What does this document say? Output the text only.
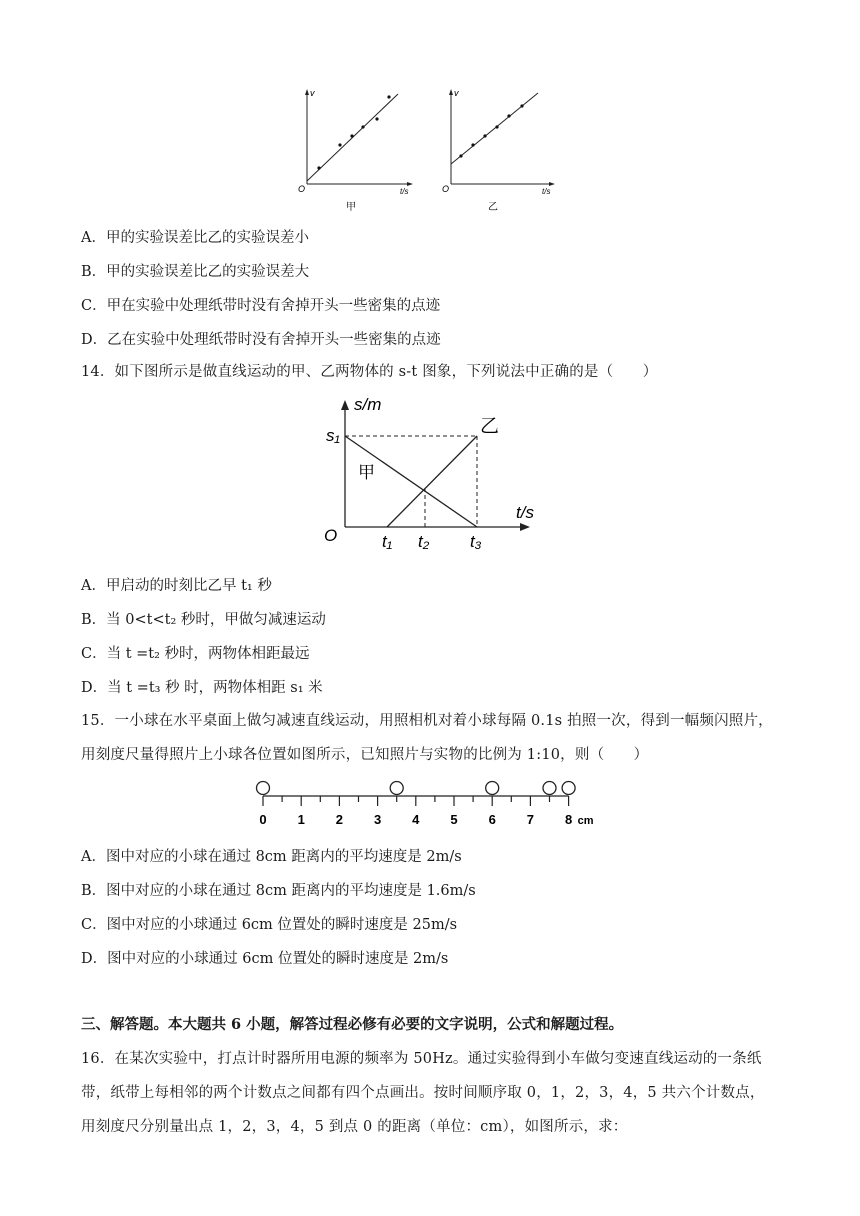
v
O	t/s
甲
v
O	t/s
乙
A．甲的实验误差比乙的实验误差小
B．甲的实验误差比乙的实验误差大
C．甲在实验中处理纸带时没有舍掉开头一些密集的点迹
D．乙在实验中处理纸带时没有舍掉开头一些密集的点迹
14．如下图所示是做直线运动的甲、乙两物体的 s-t 图象，下列说法中正确的是（　　）
s/m
t/s
O
s₁
t₁ t₂ t₃
甲
乙
A．甲启动的时刻比乙早 t₁ 秒
B．当 0<t<t₂ 秒时，甲做匀减速运动
C．当 t =t₂ 秒时，两物体相距最远
D．当 t =t₃ 秒 时，两物体相距 s₁ 米
15．一小球在水平桌面上做匀减速直线运动，用照相机对着小球每隔 0.1s 拍照一次，得到一幅频闪照片，
用刻度尺量得照片上小球各位置如图所示，已知照片与实物的比例为 1:10，则（　　）
0 1 2 3 4 5 6 7 8 cm
A．图中对应的小球在通过 8cm 距离内的平均速度是 2m/s
B．图中对应的小球在通过 8cm 距离内的平均速度是 1.6m/s
C．图中对应的小球通过 6cm 位置处的瞬时速度是 25m/s
D．图中对应的小球通过 6cm 位置处的瞬时速度是 2m/s
三、解答题。本大题共 6 小题，解答过程必修有必要的文字说明，公式和解题过程。
16．在某次实验中，打点计时器所用电源的频率为 50Hz。通过实验得到小车做匀变速直线运动的一条纸
带，纸带上每相邻的两个计数点之间都有四个点画出。按时间顺序取 0，1，2，3，4，5 共六个计数点，
用刻度尺分别量出点 1，2，3，4，5 到点 0 的距离（单位：cm），如图所示，求：
